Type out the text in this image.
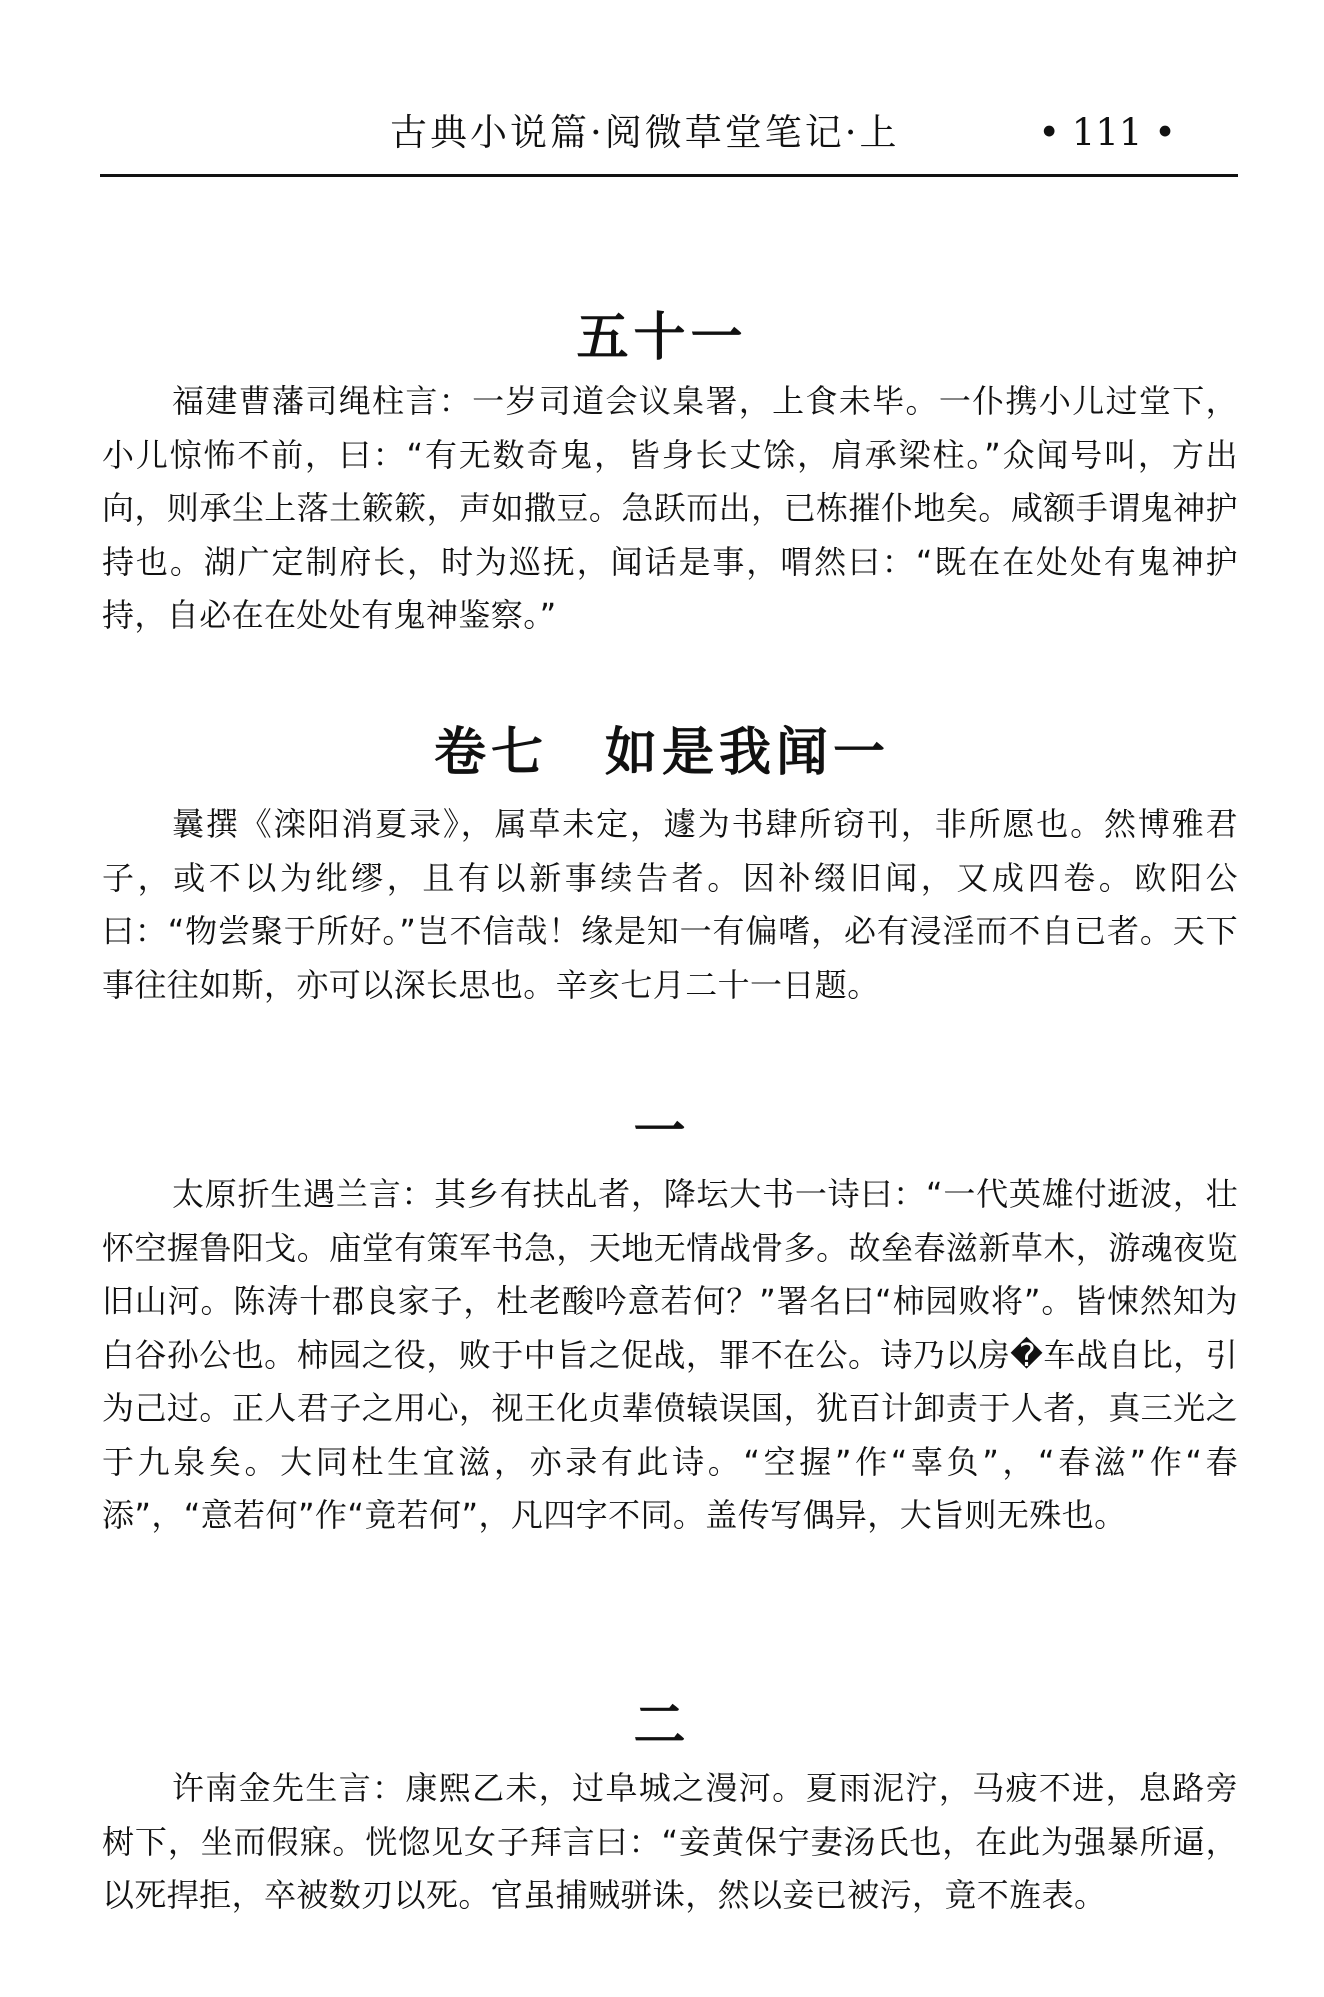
古典小说篇·阅微草堂笔记·上	• 111 •
五十一

福建曹藩司绳柱言：一岁司道会议臬署，上食未毕。一仆携小儿过堂下，小儿惊怖不前，曰：“有无数奇鬼，皆身长丈馀，肩承梁柱。”众闻号叫，方出向，则承尘上落土簌簌，声如撒豆。急跃而出，已栋摧仆地矣。咸额手谓鬼神护持也。湖广定制府长，时为巡抚，闻话是事，喟然曰：“既在在处处有鬼神护持，自必在在处处有鬼神鉴察。”

卷七　如是我闻一

曩撰《滦阳消夏录》，属草未定，遽为书肆所窃刊，非所愿也。然博雅君子，或不以为纰缪，且有以新事续告者。因补缀旧闻，又成四卷。欧阳公曰：“物尝聚于所好。”岂不信哉！缘是知一有偏嗜，必有浸淫而不自已者。天下事往往如斯，亦可以深长思也。辛亥七月二十一日题。

一

太原折生遇兰言：其乡有扶乩者，降坛大书一诗曰：“一代英雄付逝波，壮怀空握鲁阳戈。庙堂有策军书急，天地无情战骨多。故垒春滋新草木，游魂夜览旧山河。陈涛十郡良家子，杜老酸吟意若何？”署名曰“柿园败将”。皆悚然知为白谷孙公也。柿园之役，败于中旨之促战，罪不在公。诗乃以房�车战自比，引为己过。正人君子之用心，视王化贞辈偾辕误国，犹百计卸责于人者，真三光之于九泉矣。大同杜生宜滋，亦录有此诗。“空握”作“辜负”，“春滋”作“春添”，“意若何”作“竟若何”，凡四字不同。盖传写偶异，大旨则无殊也。

二

许南金先生言：康熙乙未，过阜城之漫河。夏雨泥泞，马疲不进，息路旁树下，坐而假寐。恍惚见女子拜言曰：“妾黄保宁妻汤氏也，在此为强暴所逼，以死捍拒，卒被数刃以死。官虽捕贼骈诛，然以妾已被污，竟不旌表。
